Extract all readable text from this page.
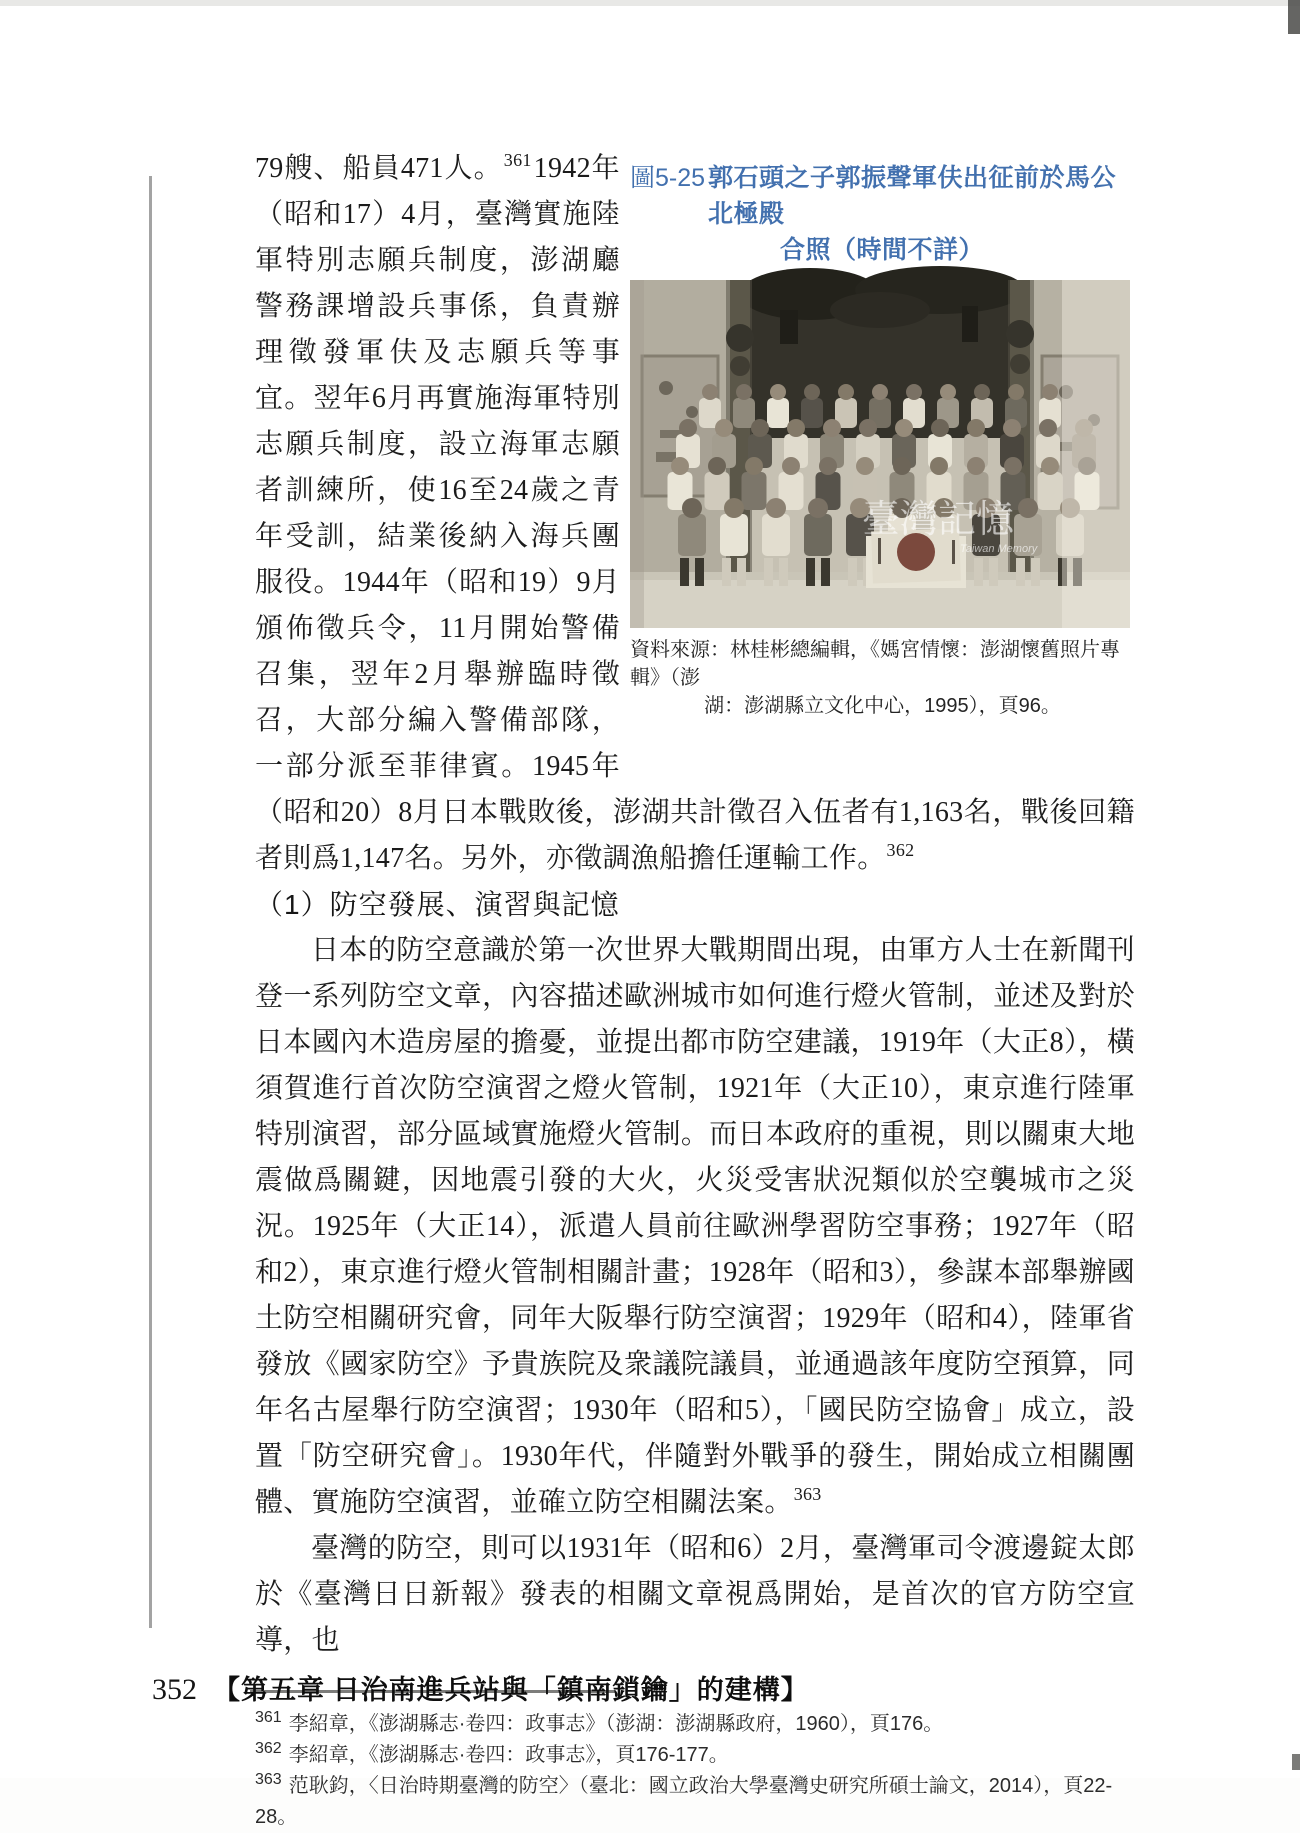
圖5-25 郭石頭之子郭振聲軍伕出征前於馬公北極殿
合照（時間不詳）
臺灣記憶
Taiwan Memory
資料來源：林桂彬總編輯，《媽宮情懷：澎湖懷舊照片專輯》（澎
湖：澎湖縣立文化中心，1995），頁96。

79艘、船員471人。$^{361}$1942年（昭和17）4月，臺灣實施陸軍特別志願兵制度，澎湖廳警務課增設兵事係，負責辦理徵發軍伕及志願兵等事宜。翌年6月再實施海軍特別志願兵制度，設立海軍志願者訓練所，使16至24歲之青年受訓，結業後納入海兵團服役。1944年（昭和19）9月頒佈徵兵令，11月開始警備召集，翌年2月舉辦臨時徵召，大部分編入警備部隊，一部分派至菲律賓。1945年（昭和20）8月日本戰敗後，澎湖共計徵召入伍者有1,163名，戰後回籍者則爲1,147名。另外，亦徵調漁船擔任運輸工作。$^{362}$

（1）防空發展、演習與記憶

日本的防空意識於第一次世界大戰期間出現，由軍方人士在新聞刊登一系列防空文章，內容描述歐洲城市如何進行燈火管制，並述及對於日本國內木造房屋的擔憂，並提出都市防空建議，1919年（大正8），橫須賀進行首次防空演習之燈火管制，1921年（大正10），東京進行陸軍特別演習，部分區域實施燈火管制。而日本政府的重視，則以關東大地震做爲關鍵，因地震引發的大火，火災受害狀況類似於空襲城市之災況。1925年（大正14），派遣人員前往歐洲學習防空事務；1927年（昭和2），東京進行燈火管制相關計畫；1928年（昭和3），參謀本部舉辦國土防空相關研究會，同年大阪舉行防空演習；1929年（昭和4），陸軍省發放《國家防空》予貴族院及衆議院議員，並通過該年度防空預算，同年名古屋舉行防空演習；1930年（昭和5），「國民防空協會」成立，設置「防空研究會」。1930年代，伴隨對外戰爭的發生，開始成立相關團體、實施防空演習，並確立防空相關法案。$^{363}$

臺灣的防空，則可以1931年（昭和6）2月，臺灣軍司令渡邊錠太郎於《臺灣日日新報》發表的相關文章視爲開始，是首次的官方防空宣導，也

$^{361}$ 李紹章，《澎湖縣志·卷四：政事志》（澎湖：澎湖縣政府，1960），頁176。
$^{362}$ 李紹章，《澎湖縣志·卷四：政事志》，頁176-177。
$^{363}$ 范耿鈞，〈日治時期臺灣的防空〉（臺北：國立政治大學臺灣史研究所碩士論文，2014），頁22-28。
352 【第五章 日治南進兵站與「鎮南鎖鑰」的建構】
